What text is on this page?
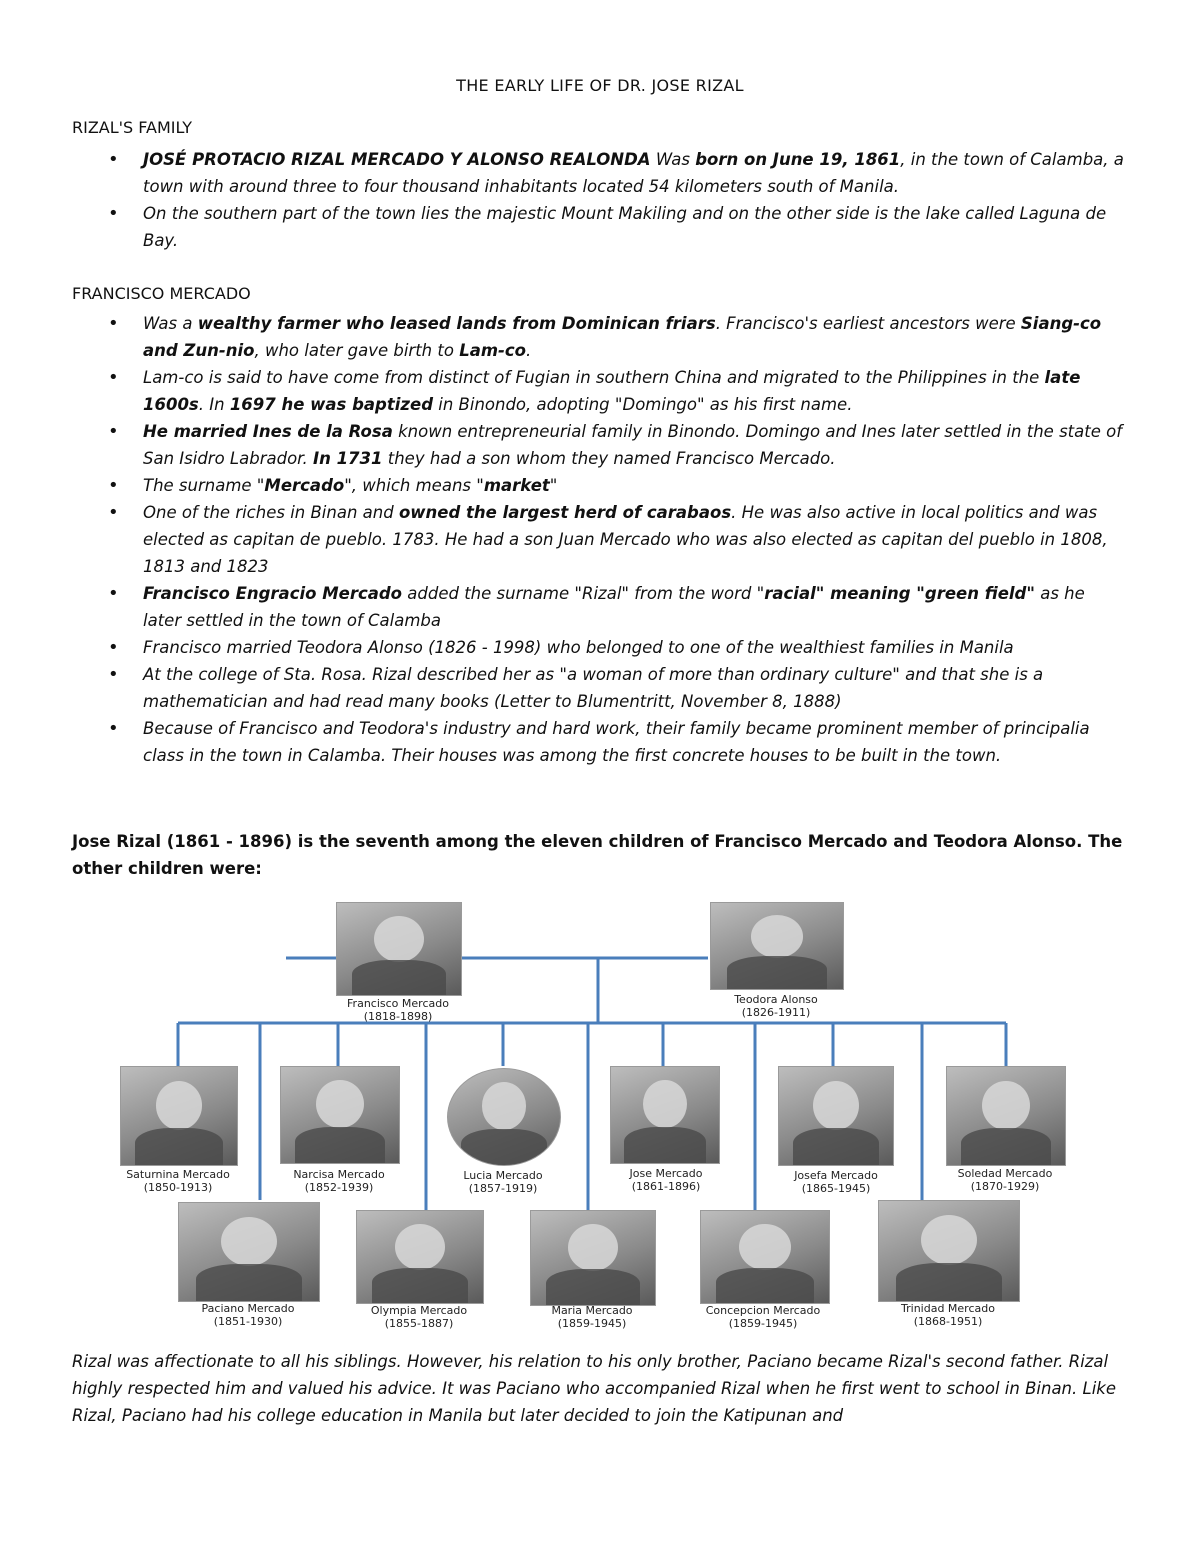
THE EARLY LIFE OF DR. JOSE RIZAL
RIZAL'S FAMILY
• JOSÉ PROTACIO RIZAL MERCADO Y ALONSO REALONDA Was born on June 19, 1861, in the town of Calamba, a town with around three to four thousand inhabitants located 54 kilometers south of Manila.
• On the southern part of the town lies the majestic Mount Makiling and on the other side is the lake called Laguna de Bay.
FRANCISCO MERCADO
• Was a wealthy farmer who leased lands from Dominican friars. Francisco's earliest ancestors were Siang-co and Zun-nio, who later gave birth to Lam-co.
• Lam-co is said to have come from distinct of Fugian in southern China and migrated to the Philippines in the late 1600s. In 1697 he was baptized in Binondo, adopting "Domingo" as his first name.
• He married Ines de la Rosa known entrepreneurial family in Binondo. Domingo and Ines later settled in the state of San Isidro Labrador. In 1731 they had a son whom they named Francisco Mercado.
• The surname "Mercado", which means "market"
• One of the riches in Binan and owned the largest herd of carabaos. He was also active in local politics and was elected as capitan de pueblo. 1783. He had a son Juan Mercado who was also elected as capitan del pueblo in 1808, 1813 and 1823
• Francisco Engracio Mercado added the surname "Rizal" from the word "racial" meaning "green field" as he later settled in the town of Calamba
• Francisco married Teodora Alonso (1826 - 1998) who belonged to one of the wealthiest families in Manila
• At the college of Sta. Rosa. Rizal described her as "a woman of more than ordinary culture" and that she is a mathematician and had read many books (Letter to Blumentritt, November 8, 1888)
• Because of Francisco and Teodora's industry and hard work, their family became prominent member of principalia class in the town in Calamba. Their houses was among the first concrete houses to be built in the town.
Jose Rizal (1861 - 1896) is the seventh among the eleven children of Francisco Mercado and Teodora Alonso. The other children were:
Francisco Mercado
(1818-1898)
Teodora Alonso
(1826-1911)
Saturnina Mercado
(1850-1913)
Narcisa Mercado
(1852-1939)
Lucia Mercado
(1857-1919)
Jose Mercado
(1861-1896)
Josefa Mercado
(1865-1945)
Soledad Mercado
(1870-1929)
Paciano Mercado
(1851-1930)
Olympia Mercado
(1855-1887)
Maria Mercado
(1859-1945)
Concepcion Mercado
(1859-1945)
Trinidad Mercado
(1868-1951)
Rizal was affectionate to all his siblings. However, his relation to his only brother, Paciano became Rizal's second father. Rizal highly respected him and valued his advice. It was Paciano who accompanied Rizal when he first went to school in Binan. Like Rizal, Paciano had his college education in Manila but later decided to join the Katipunan and
